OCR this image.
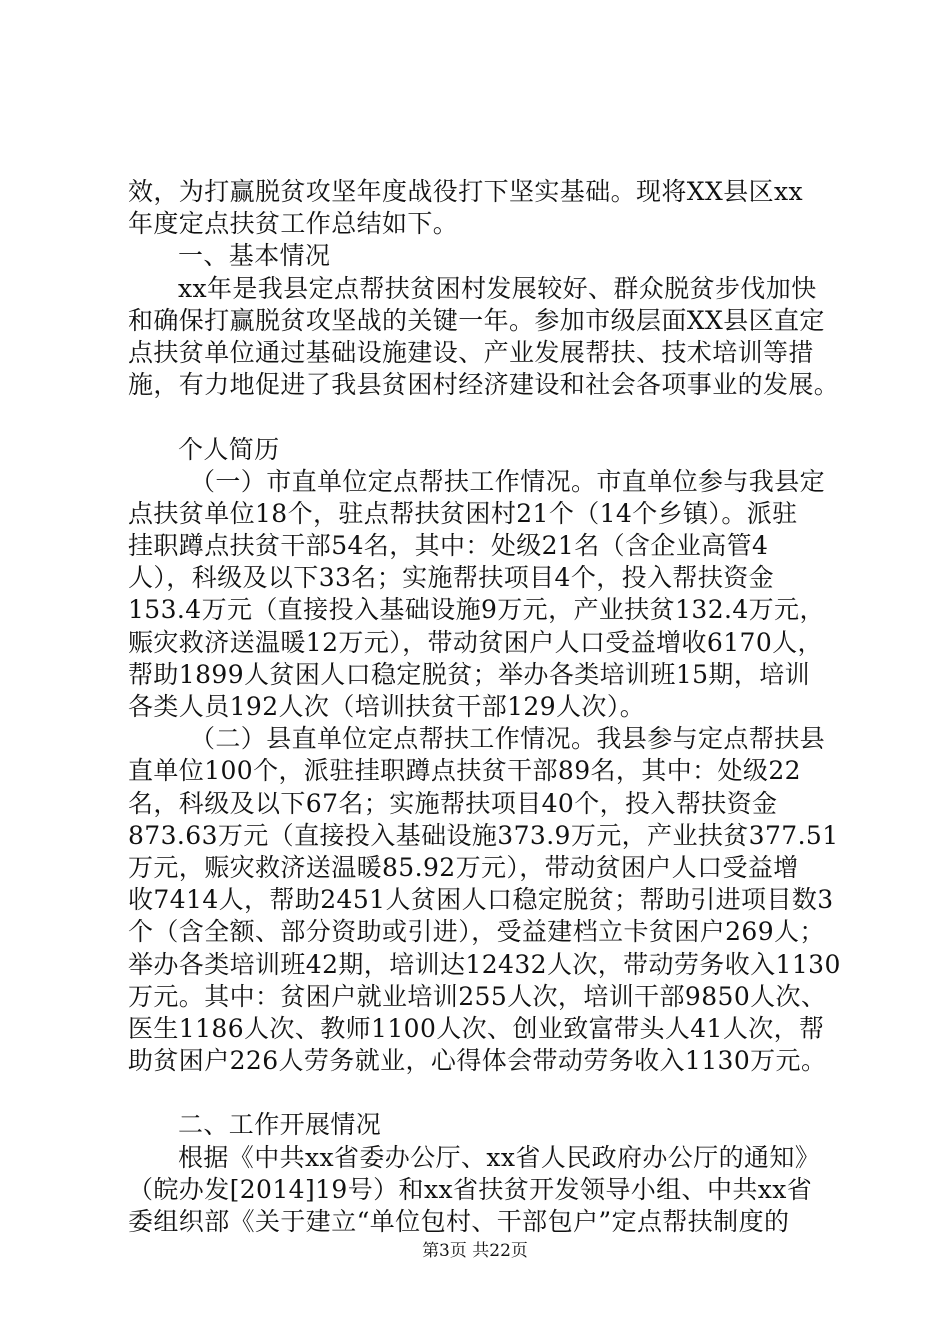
效，为打赢脱贫攻坚年度战役打下坚实基础。现将XX县区xx
年度定点扶贫工作总结如下。
一、基本情况
xx年是我县定点帮扶贫困村发展较好、群众脱贫步伐加快
和确保打赢脱贫攻坚战的关键一年。参加市级层面XX县区直定
点扶贫单位通过基础设施建设、产业发展帮扶、技术培训等措
施，有力地促进了我县贫困村经济建设和社会各项事业的发展。
个人简历
（一）市直单位定点帮扶工作情况。市直单位参与我县定
点扶贫单位18个，驻点帮扶贫困村21个（14个乡镇）。派驻
挂职蹲点扶贫干部54名，其中：处级21名（含企业高管4
人），科级及以下33名；实施帮扶项目4个，投入帮扶资金
153.4万元（直接投入基础设施9万元，产业扶贫132.4万元，
赈灾救济送温暖12万元），带动贫困户人口受益增收6170人，
帮助1899人贫困人口稳定脱贫；举办各类培训班15期，培训
各类人员192人次（培训扶贫干部129人次）。
（二）县直单位定点帮扶工作情况。我县参与定点帮扶县
直单位100个，派驻挂职蹲点扶贫干部89名，其中：处级22
名，科级及以下67名；实施帮扶项目40个，投入帮扶资金
873.63万元（直接投入基础设施373.9万元，产业扶贫377.51
万元，赈灾救济送温暖85.92万元），带动贫困户人口受益增
收7414人，帮助2451人贫困人口稳定脱贫；帮助引进项目数3
个（含全额、部分资助或引进），受益建档立卡贫困户269人；
举办各类培训班42期，培训达12432人次，带动劳务收入1130
万元。其中：贫困户就业培训255人次，培训干部9850人次、
医生1186人次、教师1100人次、创业致富带头人41人次，帮
助贫困户226人劳务就业，心得体会带动劳务收入1130万元。
二、工作开展情况
根据《中共xx省委办公厅、xx省人民政府办公厅的通知》
（皖办发[2014]19号）和xx省扶贫开发领导小组、中共xx省
委组织部《关于建立“单位包村、干部包户”定点帮扶制度的
第3页 共22页
